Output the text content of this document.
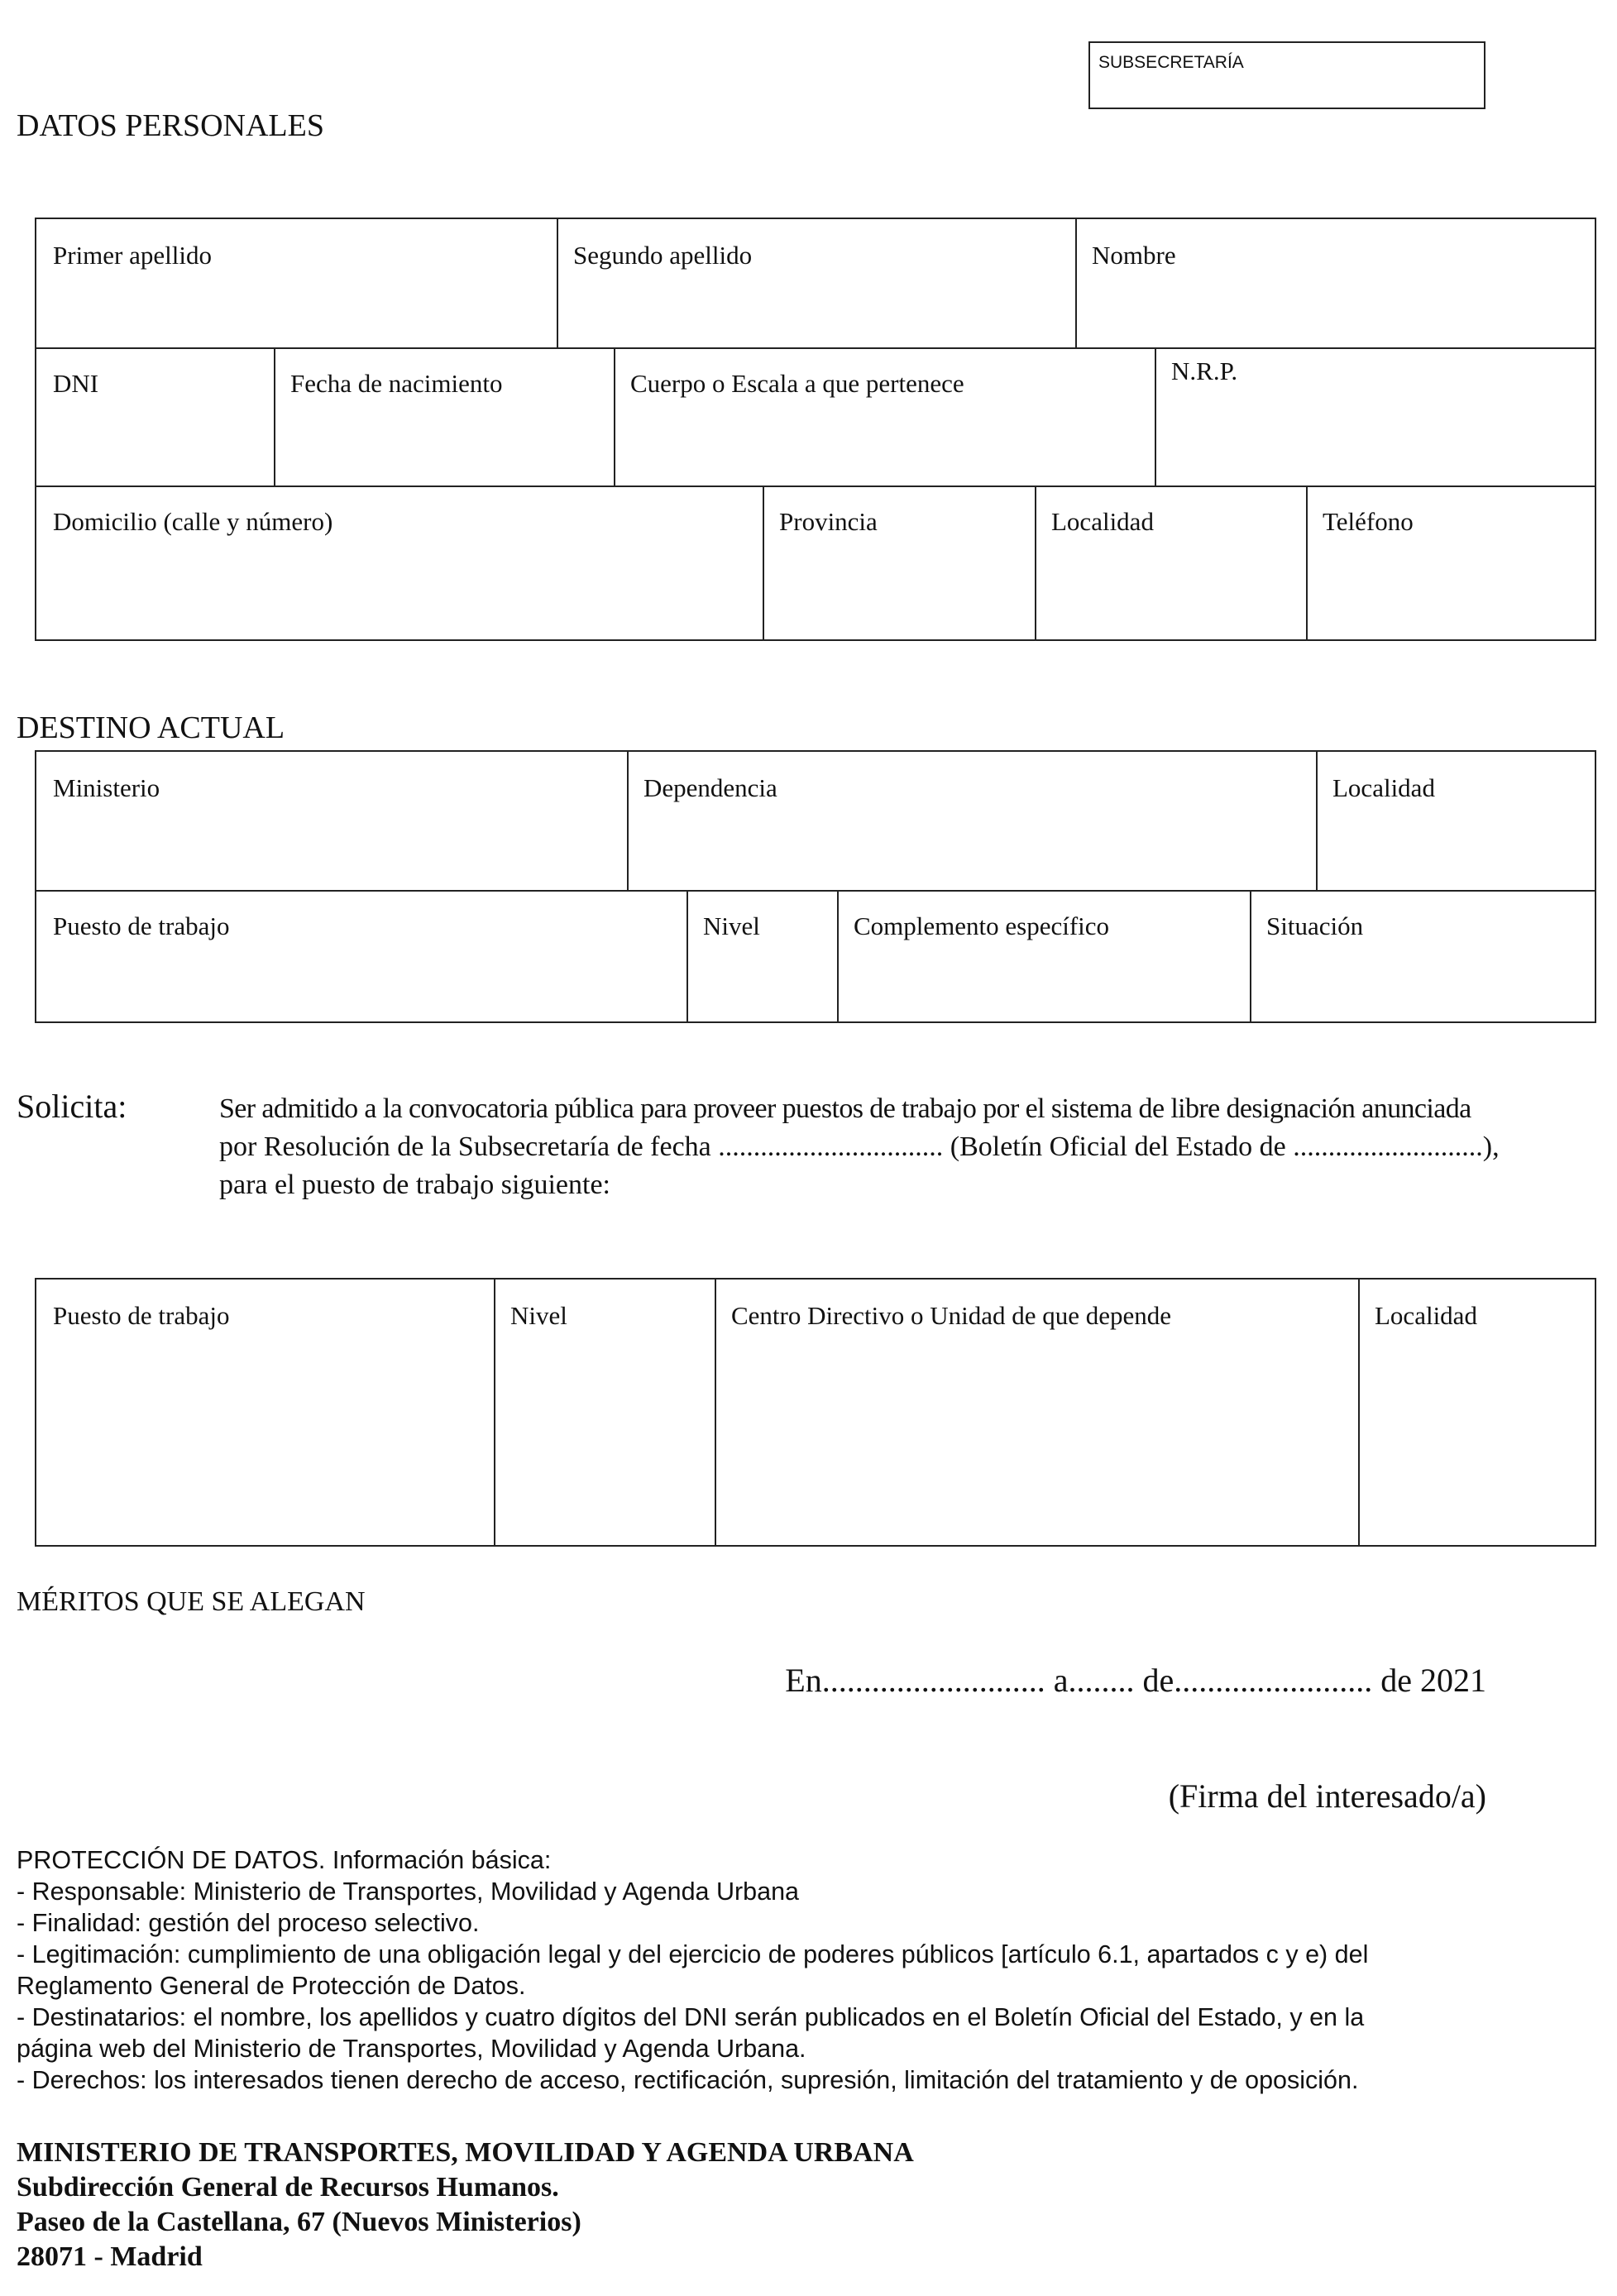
SUBSECRETARÍA
DATOS PERSONALES
Primer apellido	Segundo apellido	Nombre
DNI	Fecha de nacimiento	Cuerpo o Escala a que pertenece	N.R.P.
Domicilio (calle y número)	Provincia	Localidad	Teléfono
DESTINO ACTUAL
Ministerio	Dependencia	Localidad
Puesto de trabajo	Nivel	Complemento específico	Situación
Solicita:	Ser admitido a la convocatoria pública para proveer puestos de trabajo por el sistema de libre designación anunciada
por Resolución de la Subsecretaría de fecha ................................ (Boletín Oficial del Estado de ...........................),
para el puesto de trabajo siguiente:
Puesto de trabajo	Nivel	Centro Directivo o Unidad de que depende	Localidad
MÉRITOS QUE SE ALEGAN
En........................... a........ de........................ de 2021
(Firma del interesado/a)
PROTECCIÓN DE DATOS. Información básica:
- Responsable: Ministerio de Transportes, Movilidad y Agenda Urbana
- Finalidad: gestión del proceso selectivo.
- Legitimación: cumplimiento de una obligación legal y del ejercicio de poderes públicos [artículo 6.1, apartados c y e) del
Reglamento General de Protección de Datos.
- Destinatarios: el nombre, los apellidos y cuatro dígitos del DNI serán publicados en el Boletín Oficial del Estado, y en la
página web del Ministerio de Transportes, Movilidad y Agenda Urbana.
- Derechos: los interesados tienen derecho de acceso, rectificación, supresión, limitación del tratamiento y de oposición.
MINISTERIO DE TRANSPORTES, MOVILIDAD Y AGENDA URBANA
Subdirección General de Recursos Humanos.
Paseo de la Castellana, 67 (Nuevos Ministerios)
28071 - Madrid
